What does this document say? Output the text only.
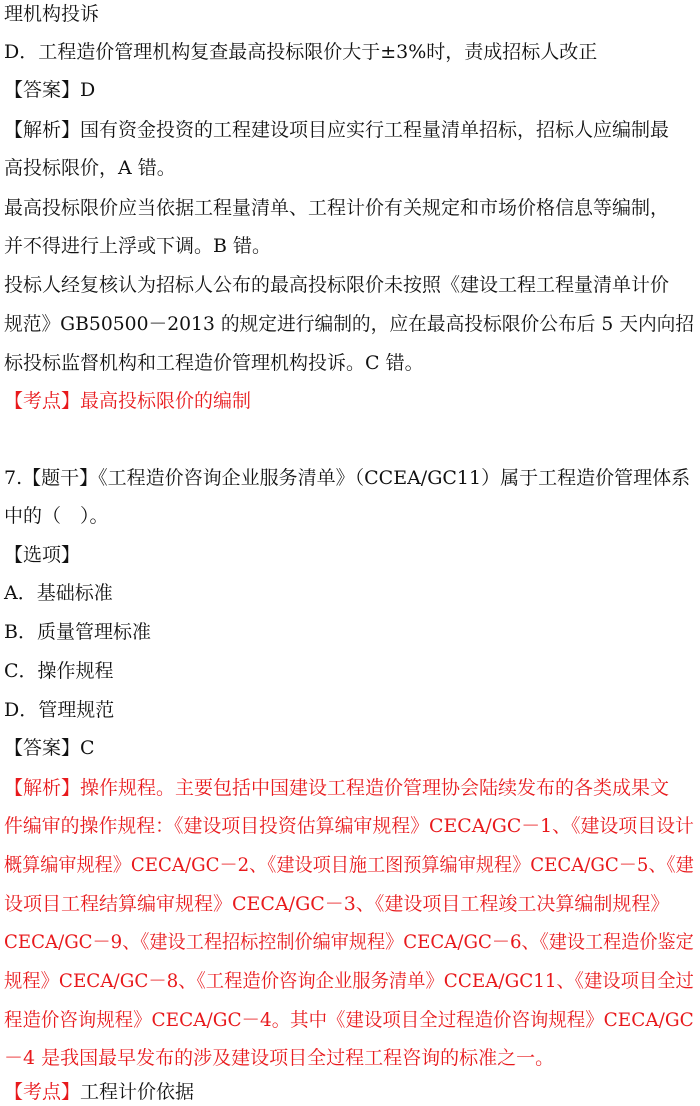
理机构投诉
D．工程造价管理机构复查最高投标限价大于±3%时，责成招标人改正
【答案】D
【解析】国有资金投资的工程建设项目应实行工程量清单招标，招标人应编制最
高投标限价，A 错。
最高投标限价应当依据工程量清单、工程计价有关规定和市场价格信息等编制，
并不得进行上浮或下调。B 错。
投标人经复核认为招标人公布的最高投标限价未按照《建设工程工程量清单计价
规范》GB50500－2013 的规定进行编制的，应在最高投标限价公布后 5 天内向招
标投标监督机构和工程造价管理机构投诉。C 错。
【考点】最高投标限价的编制
7.【题干】《工程造价咨询企业服务清单》（CCEA/GC11）属于工程造价管理体系
中的（　）。
【选项】
A．基础标准
B．质量管理标准
C．操作规程
D．管理规范
【答案】C
【解析】操作规程。主要包括中国建设工程造价管理协会陆续发布的各类成果文
件编审的操作规程：《建设项目投资估算编审规程》CECA/GC－1、《建设项目设计
概算编审规程》CECA/GC－2、《建设项目施工图预算编审规程》CECA/GC－5、《建
设项目工程结算编审规程》CECA/GC－3、《建设项目工程竣工决算编制规程》
CECA/GC－9、《建设工程招标控制价编审规程》CECA/GC－6、《建设工程造价鉴定
规程》CECA/GC－8、《工程造价咨询企业服务清单》CCEA/GC11、《建设项目全过
程造价咨询规程》CECA/GC－4。其中《建设项目全过程造价咨询规程》CECA/GC
－4 是我国最早发布的涉及建设项目全过程工程咨询的标准之一。
【考点】工程计价依据
